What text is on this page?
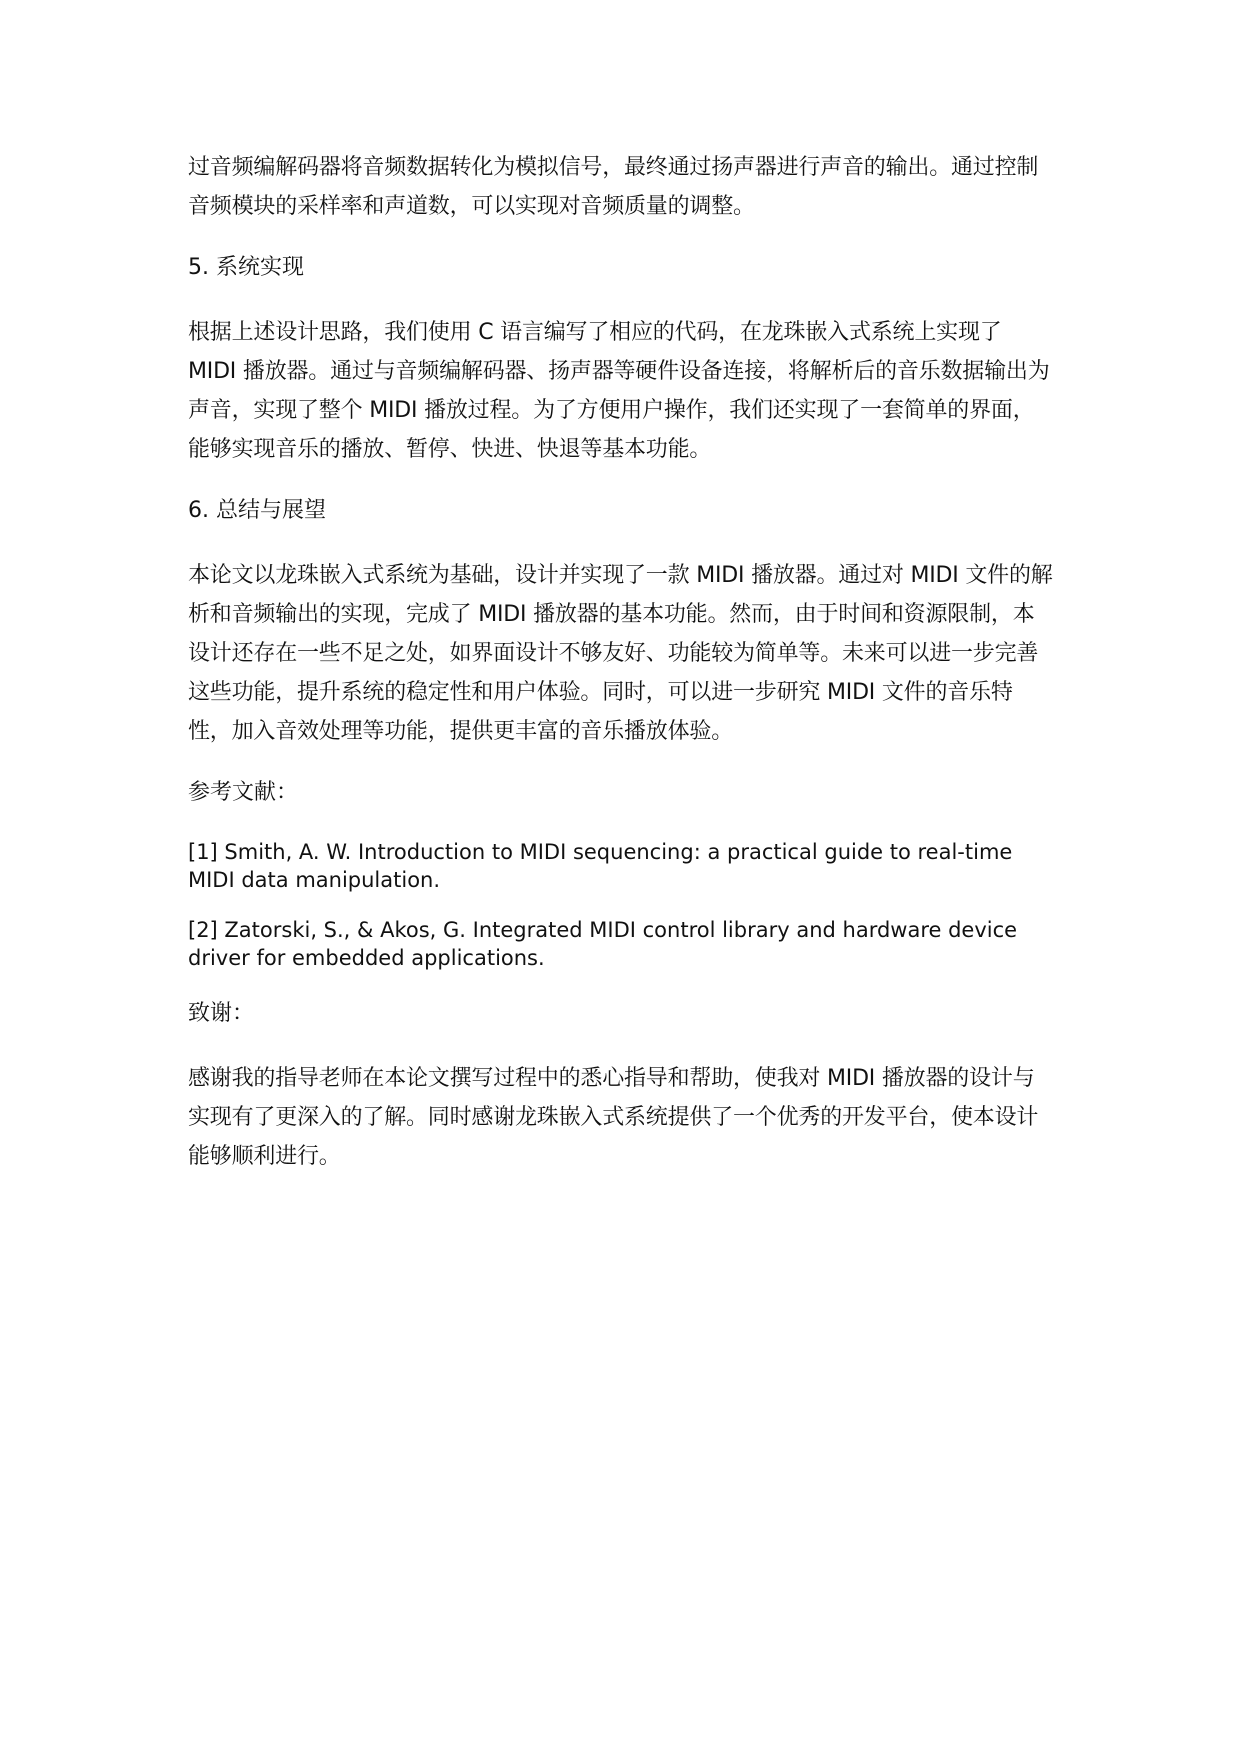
过音频编解码器将音频数据转化为模拟信号，最终通过扬声器进行声音的输出。通过控制音频模块的采样率和声道数，可以实现对音频质量的调整。

5. 系统实现

根据上述设计思路，我们使用 C 语言编写了相应的代码，在龙珠嵌入式系统上实现了 MIDI 播放器。通过与音频编解码器、扬声器等硬件设备连接，将解析后的音乐数据输出为声音，实现了整个 MIDI 播放过程。为了方便用户操作，我们还实现了一套简单的界面，能够实现音乐的播放、暂停、快进、快退等基本功能。

6. 总结与展望

本论文以龙珠嵌入式系统为基础，设计并实现了一款 MIDI 播放器。通过对 MIDI 文件的解析和音频输出的实现，完成了 MIDI 播放器的基本功能。然而，由于时间和资源限制，本设计还存在一些不足之处，如界面设计不够友好、功能较为简单等。未来可以进一步完善这些功能，提升系统的稳定性和用户体验。同时，可以进一步研究 MIDI 文件的音乐特性，加入音效处理等功能，提供更丰富的音乐播放体验。

参考文献：

[1] Smith, A. W. Introduction to MIDI sequencing: a practical guide to real-time MIDI data manipulation.

[2] Zatorski, S., & Akos, G. Integrated MIDI control library and hardware device driver for embedded applications.

致谢：

感谢我的指导老师在本论文撰写过程中的悉心指导和帮助，使我对 MIDI 播放器的设计与实现有了更深入的了解。同时感谢龙珠嵌入式系统提供了一个优秀的开发平台，使本设计能够顺利进行。
